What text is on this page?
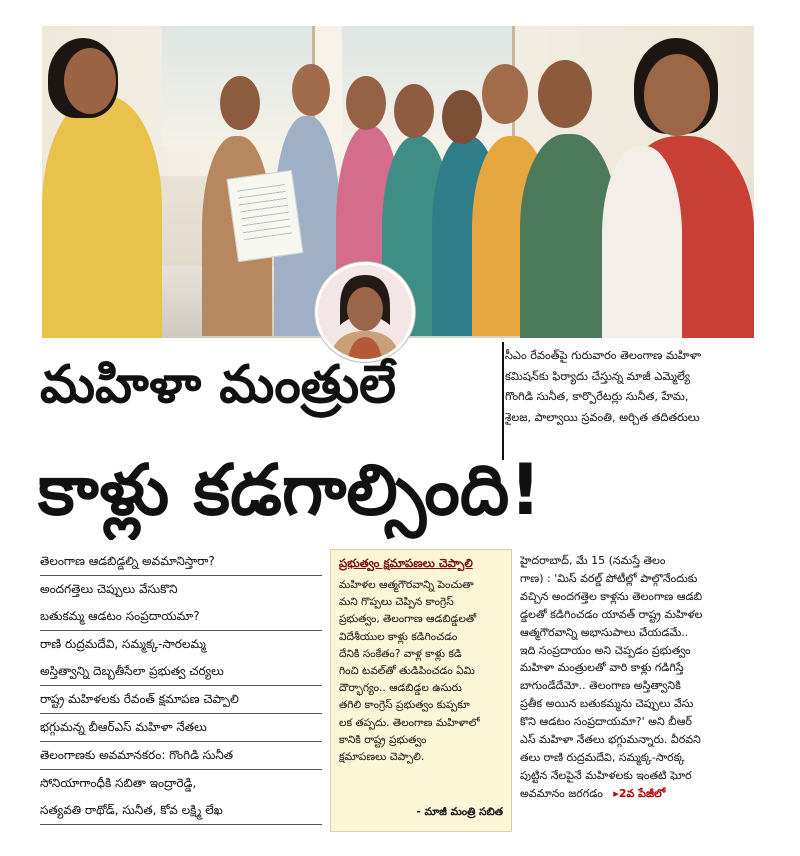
సీఎం రేవంత్‌పై గురువారం తెలంగాణ మహిళా
కమిషన్‌కు ఫిర్యాదు చేస్తున్న మాజీ ఎమ్మెల్యే
గొంగిడి సునీత, కార్పొరేటర్లు సునీత, హేమ,
శైలజ, పాల్వాయి స్రవంతి, అర్చిత తదితరులు
మహిళా మంత్రులే
కాళ్లు కడగాల్సింది!
తెలంగాణ ఆడబిడ్డల్ని అవమానిస్తారా?
అందగత్తెలు చెప్పులు వేసుకొని
బతుకమ్మ ఆడటం సంప్రదాయమా?
రాణి రుద్రమదేవి, సమ్మక్క-సారలమ్మ
అస్తిత్వాన్ని దెబ్బతీసేలా ప్రభుత్వ చర్యలు
రాష్ట్ర మహిళలకు రేవంత్ క్షమాపణ చెప్పాలి
భగ్గుమన్న బీఆర్‌ఎస్ మహిళా నేతలు
తెలంగాణకు అవమానకరం: గొంగిడి సునీత
సోనియాగాంధీకి సబితా ఇంద్రారెడ్డి,
సత్యవతి రాథోడ్, సునీత, కోవ లక్ష్మి లేఖ
ప్రభుత్వం క్షమాపణలు చెప్పాలి
మహిళల ఆత్మగౌరవాన్ని పెంచుతా
మని గొప్పలు చెప్పిన కాంగ్రెస్
ప్రభుత్వం, తెలంగాణ ఆడబిడ్డలతో
విదేశీయుల కాళ్లు కడిగించడం
దేనికి సంకేతం? వాళ్ల కాళ్లు కడి
గించి టవల్‌తో తుడిపించడం ఏమి
దౌర్భాగ్యం.. ఆడబిడ్డల ఉసురు
తగిలి కాంగ్రెస్ ప్రభుత్వం కుప్పకూ
లక తప్పదు. తెలంగాణ మహిళాలో
కానికి రాష్ట్ర ప్రభుత్వం
క్షమాపణలు చెప్పాలి.
- మాజీ మంత్రి సబిత
హైదరాబాద్, మే 15 (నమస్తే తెలం
గాణ) : 'మిస్ వరల్డ్ పోటీల్లో పాల్గొనేందుకు
వచ్చిన అందగత్తెల కాళ్లను తెలంగాణ ఆడబి
డ్డలతో కడిగించడం యావత్ రాష్ట్ర మహిళల
ఆత్మగౌరవాన్ని అభాసుపాలు చేయడమే..
ఇది సంప్రదాయం అని చెప్పడం ప్రభుత్వం
మహిళా మంత్రులతో వారి కాళ్లు గడిగిస్తే
బాగుండేదేమో.. తెలంగాణ అస్తిత్వానికి
ప్రతీక అయిన బతుకమ్మను చెప్పులు వేసు
కొని ఆడటం సంప్రదాయమా?' అని బీఆర్
ఎస్ మహిళా నేతలు భగ్గుమన్నారు. వీరవని
తలు రాణి రుద్రమదేవి, సమ్మక్క-సారక్క
పుట్టిన నేలపైనే మహిళలకు ఇంతటి ఘోర
అవమానం జరగడం ▸2వ పేజీలో
